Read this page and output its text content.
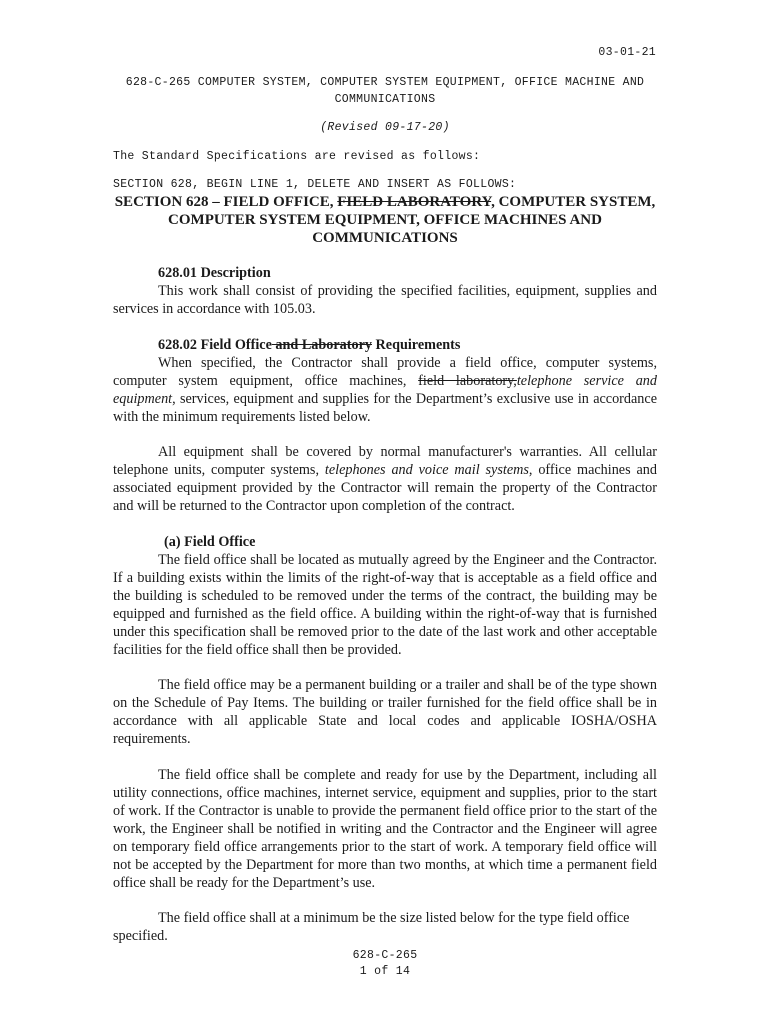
03-01-21
628-C-265 COMPUTER SYSTEM, COMPUTER SYSTEM EQUIPMENT, OFFICE MACHINE AND COMMUNICATIONS
(Revised 09-17-20)
The Standard Specifications are revised as follows:
SECTION 628, BEGIN LINE 1, DELETE AND INSERT AS FOLLOWS:
SECTION 628 – FIELD OFFICE, FIELD LABORATORY, COMPUTER SYSTEM, COMPUTER SYSTEM EQUIPMENT, OFFICE MACHINES AND COMMUNICATIONS
628.01 Description
This work shall consist of providing the specified facilities, equipment, supplies and services in accordance with 105.03.
628.02 Field Office and Laboratory Requirements
When specified, the Contractor shall provide a field office, computer systems, computer system equipment, office machines, field laboratory,telephone service and equipment, services, equipment and supplies for the Department’s exclusive use in accordance with the minimum requirements listed below.
All equipment shall be covered by normal manufacturer's warranties. All cellular telephone units, computer systems, telephones and voice mail systems, office machines and associated equipment provided by the Contractor will remain the property of the Contractor and will be returned to the Contractor upon completion of the contract.
(a) Field Office
The field office shall be located as mutually agreed by the Engineer and the Contractor. If a building exists within the limits of the right-of-way that is acceptable as a field office and the building is scheduled to be removed under the terms of the contract, the building may be equipped and furnished as the field office. A building within the right-of-way that is furnished under this specification shall be removed prior to the date of the last work and other acceptable facilities for the field office shall then be provided.
The field office may be a permanent building or a trailer and shall be of the type shown on the Schedule of Pay Items. The building or trailer furnished for the field office shall be in accordance with all applicable State and local codes and applicable IOSHA/OSHA requirements.
The field office shall be complete and ready for use by the Department, including all utility connections, office machines, internet service, equipment and supplies, prior to the start of work. If the Contractor is unable to provide the permanent field office prior to the start of the work, the Engineer shall be notified in writing and the Contractor and the Engineer will agree on temporary field office arrangements prior to the start of work. A temporary field office will not be accepted by the Department for more than two months, at which time a permanent field office shall be ready for the Department’s use.
The field office shall at a minimum be the size listed below for the type field office specified.
628-C-265
1 of 14
